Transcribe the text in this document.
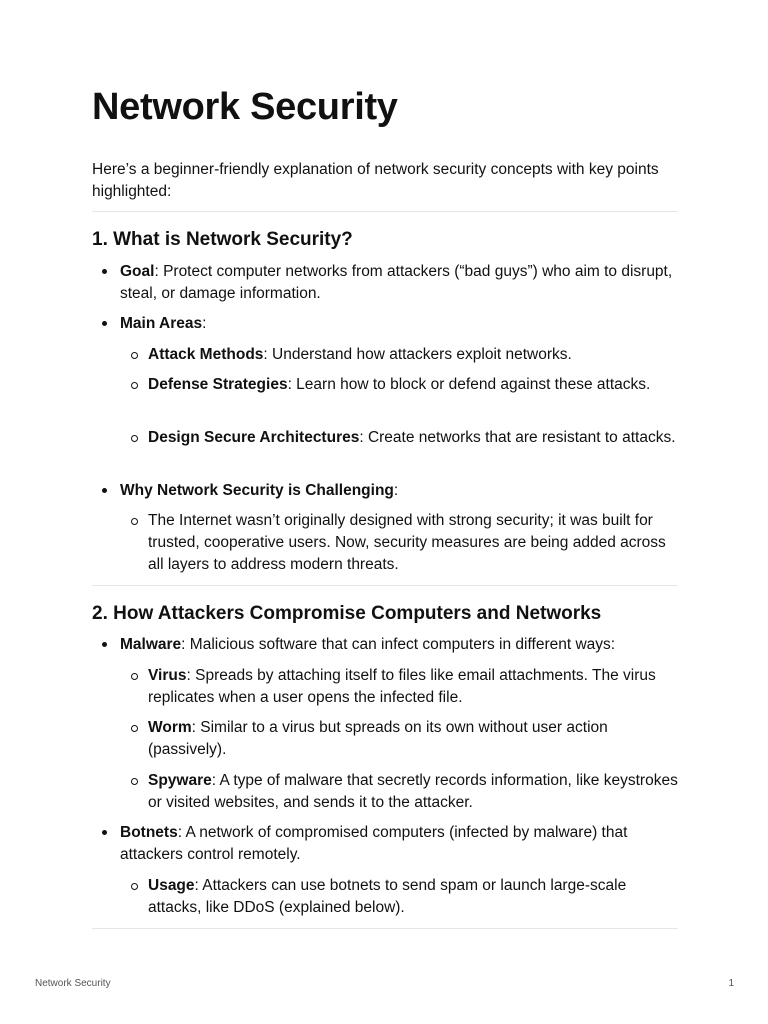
Network Security

Here’s a beginner-friendly explanation of network security concepts with key points highlighted:

1. What is Network Security?
Goal: Protect computer networks from attackers (“bad guys”) who aim to disrupt, steal, or damage information.
Main Areas:
Attack Methods: Understand how attackers exploit networks.
Defense Strategies: Learn how to block or defend against these attacks.
Design Secure Architectures: Create networks that are resistant to attacks.
Why Network Security is Challenging:
The Internet wasn’t originally designed with strong security; it was built for trusted, cooperative users. Now, security measures are being added across all layers to address modern threats.
2. How Attackers Compromise Computers and Networks
Malware: Malicious software that can infect computers in different ways:
Virus: Spreads by attaching itself to files like email attachments. The virus replicates when a user opens the infected file.
Worm: Similar to a virus but spreads on its own without user action (passively).
Spyware: A type of malware that secretly records information, like keystrokes or visited websites, and sends it to the attacker.
Botnets: A network of compromised computers (infected by malware) that attackers control remotely.
Usage: Attackers can use botnets to send spam or launch large-scale attacks, like DDoS (explained below).
Network Security	1
